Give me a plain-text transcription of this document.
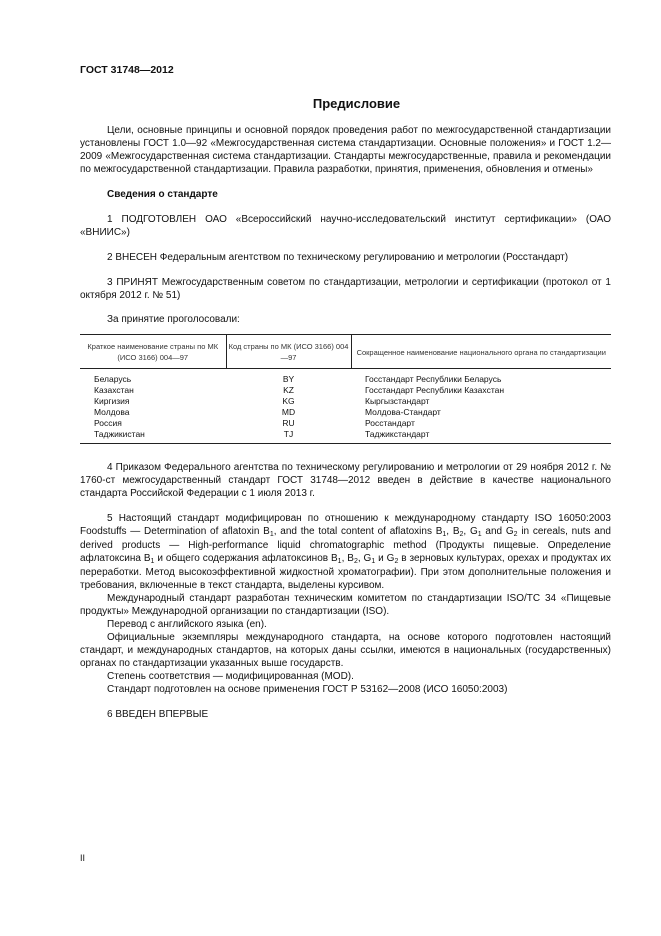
ГОСТ 31748—2012
Предисловие

Цели, основные принципы и основной порядок проведения работ по межгосударственной стандартизации установлены ГОСТ 1.0—92 «Межгосударственная система стандартизации. Основные положения» и ГОСТ 1.2—2009 «Межгосударственная система стандартизации. Стандарты межгосударственные, правила и рекомендации по межгосударственной стандартизации. Правила разработки, принятия, применения, обновления и отмены»

Сведения о стандарте

1 ПОДГОТОВЛЕН ОАО «Всероссийский научно-исследовательский институт сертификации» (ОАО «ВНИИС»)

2 ВНЕСЕН Федеральным агентством по техническому регулированию и метрологии (Росстандарт)

3 ПРИНЯТ Межгосударственным советом по стандартизации, метрологии и сертификации (протокол от 1 октября 2012 г. № 51)

За принятие проголосовали:

Краткое наименование страны по МК (ИСО 3166) 004—97	Код страны по МК (ИСО 3166) 004—97	Сокращенное наименование национального органа по стандартизации
Беларусь	BY	Госстандарт Республики Беларусь
Казахстан	KZ	Госстандарт Республики Казахстан
Киргизия	KG	Кыргызстандарт
Молдова	MD	Молдова-Стандарт
Россия	RU	Росстандарт
Таджикистан	TJ	Таджикстандарт

4 Приказом Федерального агентства по техническому регулированию и метрологии от 29 ноября 2012 г. № 1760-ст межгосударственный стандарт ГОСТ 31748—2012 введен в действие в качестве национального стандарта Российской Федерации с 1 июля 2013 г.

5 Настоящий стандарт модифицирован по отношению к международному стандарту ISO 16050:2003 Foodstuffs — Determination of aflatoxin $B_1$, and the total content of aflatoxins $B_1$, $B_2$, $G_1$ and $G_2$ in cereals, nuts and derived products — High-performance liquid chromatographic method (Продукты пищевые. Определение афлатоксина $B_1$ и общего содержания афлатоксинов $B_1$, $B_2$, $G_1$ и $G_2$ в зерновых культурах, орехах и продуктах их переработки. Метод высокоэффективной жидкостной хроматографии). При этом дополнительные положения и требования, включенные в текст стандарта, выделены курсивом.

Международный стандарт разработан техническим комитетом по стандартизации ISO/TC 34 «Пищевые продукты» Международной организации по стандартизации (ISO).

Перевод с английского языка (en).

Официальные экземпляры международного стандарта, на основе которого подготовлен настоящий стандарт, и международных стандартов, на которых даны ссылки, имеются в национальных (государственных) органах по стандартизации указанных выше государств.

Степень соответствия — модифицированная (MOD).

Стандарт подготовлен на основе применения ГОСТ Р 53162—2008 (ИСО 16050:2003)

6 ВВЕДЕН ВПЕРВЫЕ

II
